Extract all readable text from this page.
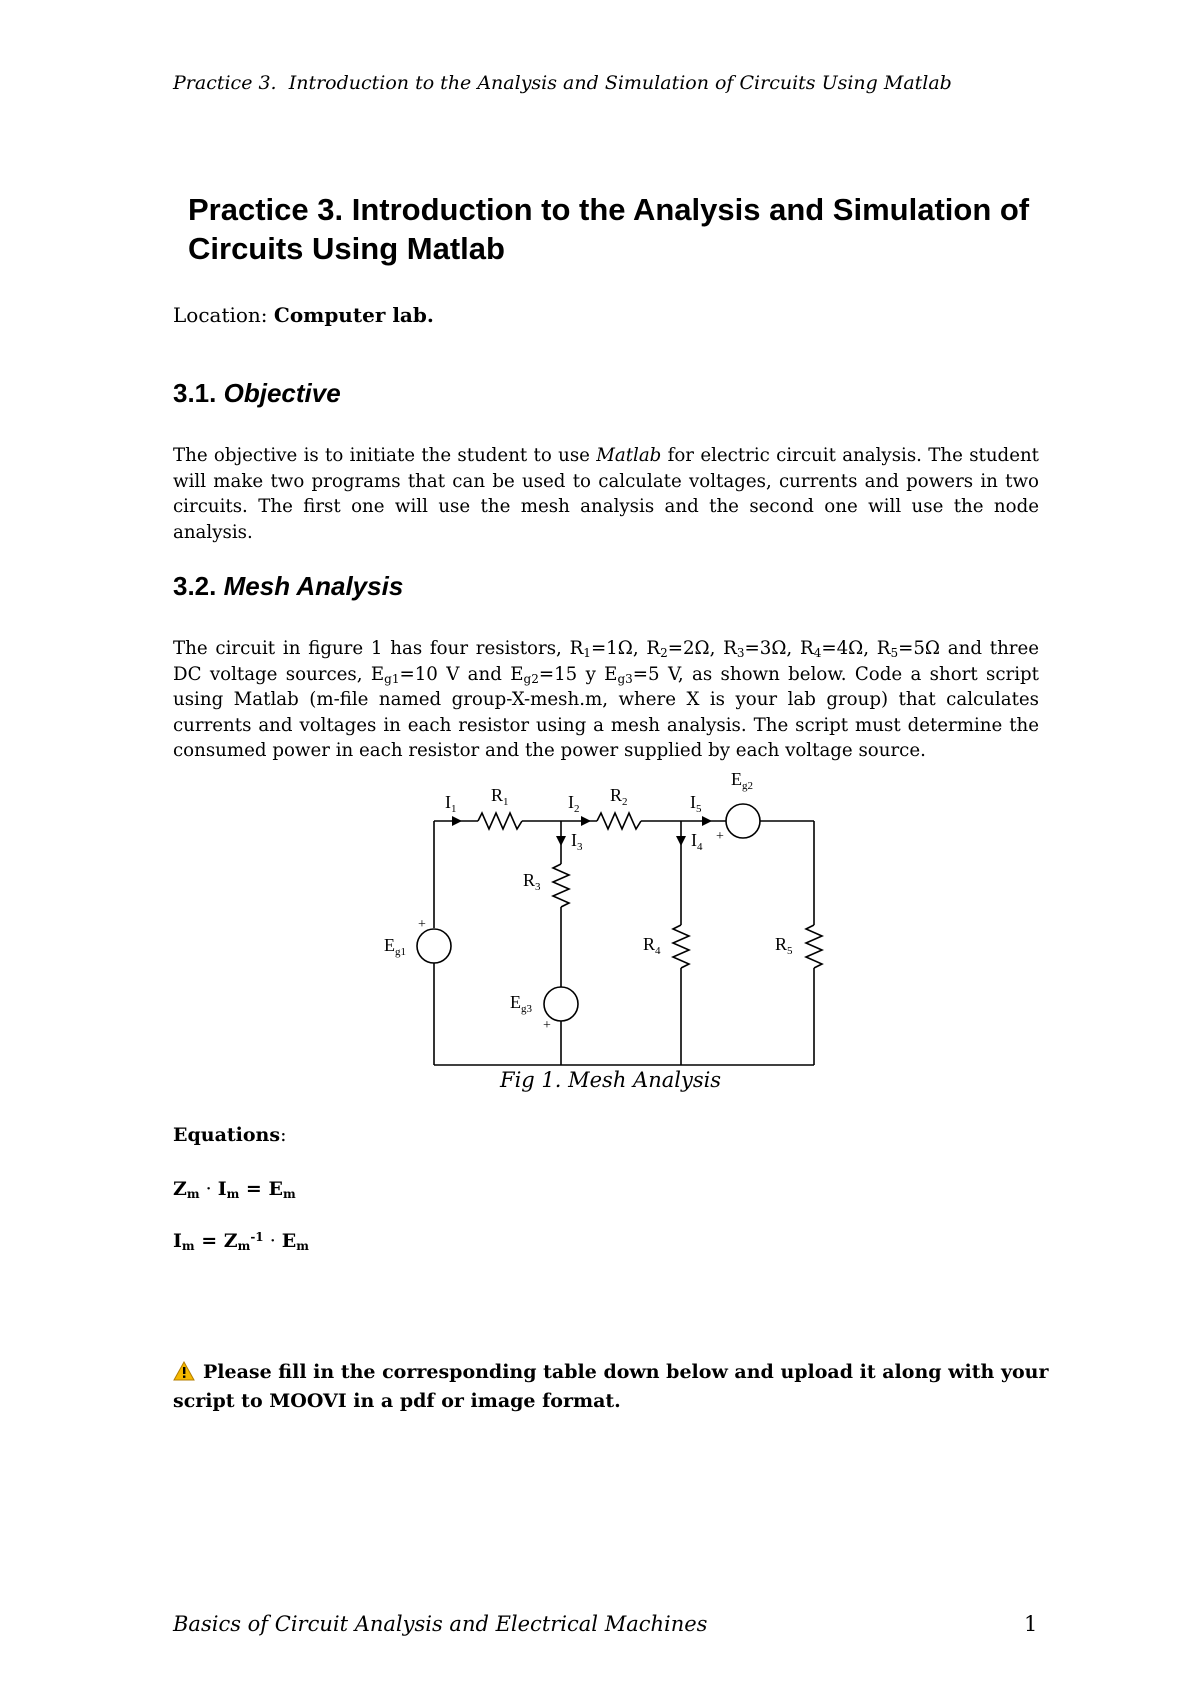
Practice 3. Introduction to the Analysis and Simulation of Circuits Using Matlab
Practice 3. Introduction to the Analysis and Simulation of Circuits Using Matlab
Location: Computer lab.
3.1. Objective
The objective is to initiate the student to use Matlab for electric circuit analysis. The student will make two programs that can be used to calculate voltages, currents and powers in two circuits. The first one will use the mesh analysis and the second one will use the node analysis.
3.2. Mesh Analysis
The circuit in figure 1 has four resistors, $R_1=1\Omega$, $R_2=2\Omega$, $R_3=3\Omega$, $R_4=4\Omega$, $R_5=5\Omega$ and three DC voltage sources, $E_{g1}=10$ V and $E_{g2}=15$ y $E_{g3}=5$ V, as shown below. Code a short script using Matlab (m-file named group-X-mesh.m, where X is your lab group) that calculates currents and voltages in each resistor using a mesh analysis. The script must determine the consumed power in each resistor and the power supplied by each voltage source.
$I_1$
$R_1$	$I_2$
$R_2$	$I_5$
$E_g2$
+
$I_3$	$I_4$
$R_3$
$R_4$	$R_5$
+
$E_g1$
$E_g3$
+
Fig 1. Mesh Analysis
Equations:
$Z_m \cdot I_m = E_m$
$I_m = Z_m^{-1} \cdot E_m$
Please fill in the corresponding table down below and upload it along with your script to MOOVI in a pdf or image format.
Basics of Circuit Analysis and Electrical Machines	1
